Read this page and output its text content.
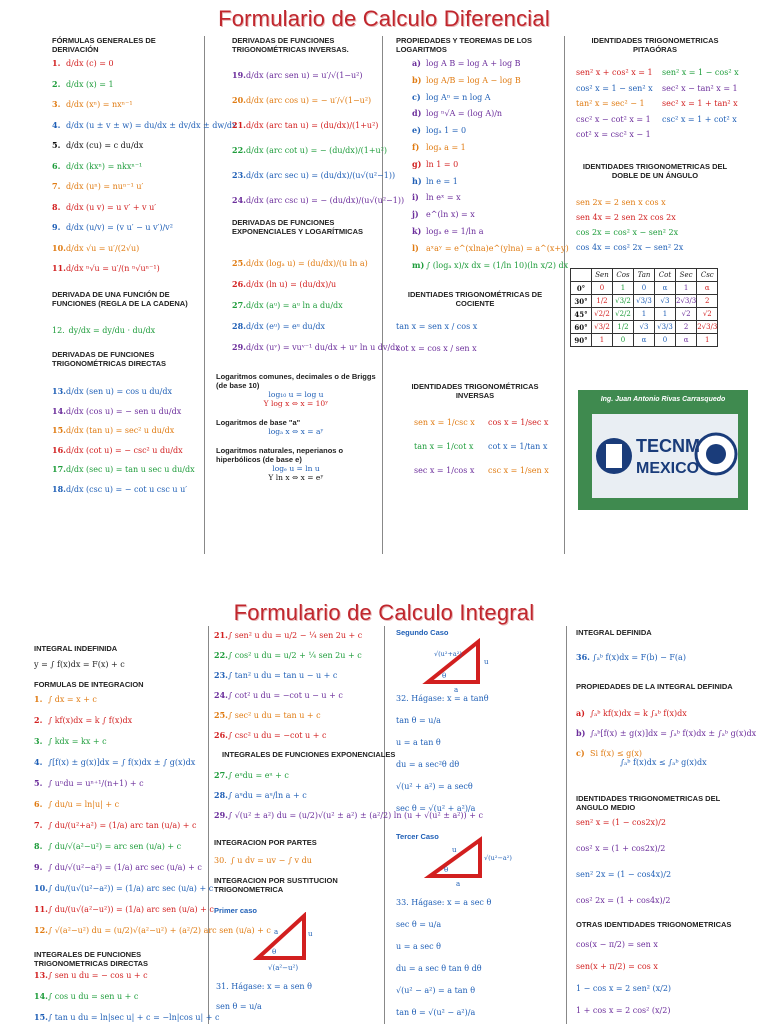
Formulario de Calculo Diferencial

FÓRMULAS GENERALES DE DERIVACIÓN

1. d/dx (c) = 0
2. d/dx (x) = 1
3. d/dx (xⁿ) = nxⁿ⁻¹
4. d/dx (u ± v ± w) = du/dx ± dv/dx ± dw/dx
5. d/dx (cu) = c du/dx
6. d/dx (kxⁿ) = nkxⁿ⁻¹
7. d/dx (uⁿ) = nuⁿ⁻¹ u′
8. d/dx (u v) = u v′ + v u′
9. d/dx (u/v) = (v u′ − u v′)/v²
10.d/dx √u = u′/(2√u)
11.d/dx ⁿ√u = u′/(n ⁿ√uⁿ⁻¹)

DERIVADA DE UNA FUNCIÓN DE FUNCIONES (REGLA DE LA CADENA)

12. dy/dx = dy/du · du/dx

DERIVADAS DE FUNCIONES TRIGONOMÉTRICAS DIRECTAS

13.d/dx (sen u) = cos u du/dx
14.d/dx (cos u) = − sen u du/dx
15.d/dx (tan u) = sec² u du/dx
16.d/dx (cot u) = − csc² u du/dx
17.d/dx (sec u) = tan u sec u du/dx
18.d/dx (csc u) = − cot u csc u u′

DERIVADAS DE FUNCIONES TRIGONOMÉTRICAS INVERSAS.

19.d/dx (arc sen u) = u′/√(1−u²)
20.d/dx (arc cos u) = − u′/√(1−u²)
21.d/dx (arc tan u) = (du/dx)/(1+u²)
22.d/dx (arc cot u) = − (du/dx)/(1+u²)
23.d/dx (arc sec u) = (du/dx)/(u√(u²−1))
24.d/dx (arc csc u) = − (du/dx)/(u√(u²−1))

DERIVADAS DE FUNCIONES EXPONENCIALES Y LOGARÍTMICAS

25.d/dx (logₐ u) = (du/dx)/(u ln a)
26.d/dx (ln u) = (du/dx)/u
27.d/dx (aᵘ) = aᵘ ln a du/dx
28.d/dx (eᵘ) = eᵘ du/dx
29.d/dx (uᵛ) = vuᵛ⁻¹ du/dx + uᵛ ln u dv/dx
Logaritmos comunes, decimales o de Briggs (de base 10)
log₁₀ u = log u
Y log x ⇔ x = 10ʸ
Logaritmos de base "a"
logₐ x ⇔ x = aʸ
Logaritmos naturales, neperianos o hiperbólicos (de base e)
logₑ u = ln u
Y ln x ⇔ x = eʸ

PROPIEDADES Y TEOREMAS DE LOS LOGARITMOS

a) log A B = log A + log B
b) log A/B = log A − log B
c) log Aⁿ = n log A
d) log ⁿ√A = (log A)/n
e) logₐ 1 = 0
f) logₐ a = 1
g) ln 1 = 0
h) ln e = 1
i) ln eˣ = x
j) e^(ln x) = x
k) logₐ e = 1/ln a
l) aˣaʸ = e^(xlna)e^(ylna) = a^(x+y)
m) ∫ (logₐ x)/x dx = (1/ln 10)(ln x/2) dx

IDENTIADES TRIGONOMÉTRICAS DE COCIENTE

tan x = sen x / cos x
cot x = cos x / sen x

IDENTIDADES TRIGONOMÉTRICAS INVERSAS

sen x = 1/csc x cos x = 1/sec x
tan x = 1/cot x cot x = 1/tan x
sec x = 1/cos x csc x = 1/sen x

IDENTIDADES TRIGONOMETRICAS PITAGÓRAS

sen² x + cos² x = 1 sen² x = 1 − cos² x
cos² x = 1 − sen² x sec² x − tan² x = 1
tan² x = sec² − 1 sec² x = 1 + tan² x
csc² x − cot² x = 1 csc² x = 1 + cot² x
cot² x = csc² x − 1

IDENTIDADES TRIGONOMETRICAS DEL DOBLE DE UN ÁNGULO

sen 2x = 2 sen x cos x
sen 4x = 2 sen 2x cos 2x
cos 2x = cos² x − sen² 2x
cos 4x = cos² 2x − sen² 2x
	Sen	Cos	Tan	Cot	Sec	Csc
0°	0	1	0	α	1	α
30°	1/2	√3/2	√3/3	√3	2√3/3	2
45°	√2/2	√2/2	1	1	√2	√2
60°	√3/2	1/2	√3	√3/3	2	2√3/3
90°	1	0	α	0	α	1
Ing. Juan Antonio Rivas Carrasquedo
TECNM
MEXICO
Formulario de Calculo Integral

INTEGRAL INDEFINIDA

y = ∫ f(x)dx = F(x) + c

FORMULAS DE INTEGRACION

1. ∫ dx = x + c
2. ∫ kf(x)dx = k ∫ f(x)dx
3. ∫ kdx = kx + c
4. ∫[f(x) ± g(x)]dx = ∫ f(x)dx ± ∫ g(x)dx
5. ∫ uⁿdu = uⁿ⁺¹/(n+1) + c
6. ∫ du/u = ln|u| + c
7. ∫ du/(u²+a²) = (1/a) arc tan (u/a) + c
8. ∫ du/√(a²−u²) = arc sen (u/a) + c
9. ∫ du/√(u²−a²) = (1/a) arc sec (u/a) + c
10.∫ du/(u√(u²−a²)) = (1/a) arc sec (u/a) + c
11.∫ du/(u√(a²−u²)) = (1/a) arc sen (u/a) + c
12.∫ √(a²−u²) du = (u/2)√(a²−u²) + (a²/2) arc sen (u/a) + c

INTEGRALES DE FUNCIONES TRIGONOMETRICAS DIRECTAS

13.∫ sen u du = − cos u + c
14.∫ cos u du = sen u + c
15.∫ tan u du = ln|sec u| + c = −ln|cos u| + c
21.∫ sen² u du = u/2 − ¼ sen 2u + c
22.∫ cos² u du = u/2 + ¼ sen 2u + c
23.∫ tan² u du = tan u − u + c
24.∫ cot² u du = −cot u − u + c
25.∫ sec² u du = tan u + c
26.∫ csc² u du = −cot u + c

INTEGRALES DE FUNCIONES EXPONENCIALES

27.∫ eᵘdu = eᵘ + c
28.∫ aᵘdu = aᵘ/ln a + c
29.∫ √(u² ± a²) du = (u/2)√(u² ± a²) ± (a²/2) ln (u + √(u² ± a²)) + c

INTEGRACION POR PARTES

30. ∫ u dv = uv − ∫ v du

INTEGRACION POR SUSTITUCION TRIGONOMETRICA

Primer caso
a	u
√(a²−u²)
θ
31. Hágase: x = a sen θ
sen θ = u/a
Segundo Caso
√(u²+a²)
u
a
θ
32. Hágase: x = a tanθ
tan θ = u/a
u = a tan θ
du = a sec²θ dθ
√(u² + a²) = a secθ
sec θ = √(u² + a²)/a
Tercer Caso
u
√(u²−a²)
a
θ
33. Hágase: x = a sec θ
sec θ = u/a
u = a sec θ
du = a sec θ tan θ dθ
√(u² − a²) = a tan θ
tan θ = √(u² − a²)/a

INTEGRAL DEFINIDA

36. ∫ₐᵇ f(x)dx = F(b) − F(a)

PROPIEDADES DE LA INTEGRAL DEFINIDA

a) ∫ₐᵇ kf(x)dx = k ∫ₐᵇ f(x)dx
b) ∫ₐᵇ[f(x) ± g(x)]dx = ∫ₐᵇ f(x)dx ± ∫ₐᵇ g(x)dx
c) Si f(x) ≤ g(x)
∫ₐᵇ f(x)dx ≤ ∫ₐᵇ g(x)dx

IDENTIDADES TRIGONOMETRICAS DEL ANGULO MEDIO

sen² x = (1 − cos2x)/2
cos² x = (1 + cos2x)/2
sen² 2x = (1 − cos4x)/2
cos² 2x = (1 + cos4x)/2

OTRAS IDENTIDADES TRIGONOMETRICAS

cos(x − π/2) = sen x
sen(x + π/2) = cos x
1 − cos x = 2 sen² (x/2)
1 + cos x = 2 cos² (x/2)
